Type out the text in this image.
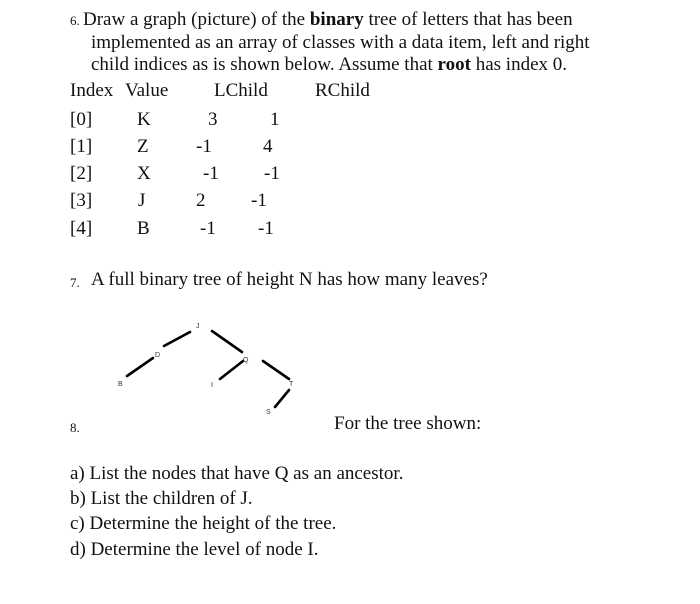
6. Draw a graph (picture) of the binary tree of letters that has been
implemented as an array of classes with a data item, left and right
child indices as is shown below. Assume that root has index 0.
Index Value LChild RChild
[0] K	3	1
[1] Z -1	4
[2] X	-1 -1
[3] J	2 -1
[4] B	-1 -1
7. A full binary tree of height N has how many leaves?
J
D
B
Q
I	T
S
8.	For the tree shown:
a) List the nodes that have Q as an ancestor.
b) List the children of J.
c) Determine the height of the tree.
d) Determine the level of node I.
